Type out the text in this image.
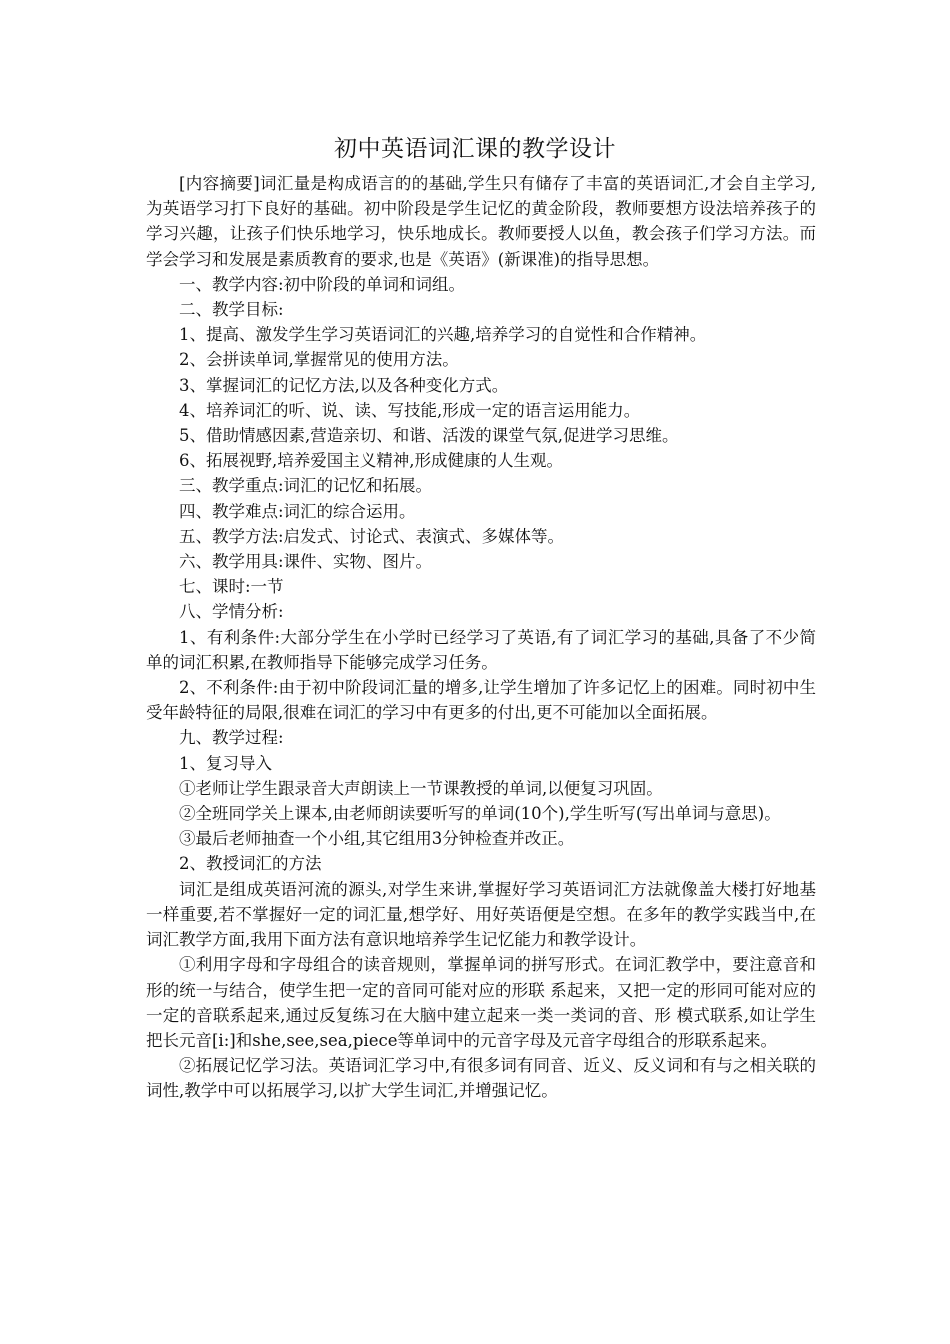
初中英语词汇课的教学设计

[内容摘要]词汇量是构成语言的的基础,学生只有储存了丰富的英语词汇,才会自主学习,为英语学习打下良好的基础。初中阶段是学生记忆的黄金阶段，教师要想方设法培养孩子的学习兴趣，让孩子们快乐地学习，快乐地成长。教师要授人以鱼，教会孩子们学习方法。而学会学习和发展是素质教育的要求,也是《英语》(新课准)的指导思想。

一、教学内容:初中阶段的单词和词组。

二、教学目标:

1、提高、激发学生学习英语词汇的兴趣,培养学习的自觉性和合作精神。

2、会拼读单词,掌握常见的使用方法。

3、掌握词汇的记忆方法,以及各种变化方式。

4、培养词汇的听、说、读、写技能,形成一定的语言运用能力。

5、借助情感因素,营造亲切、和谐、活泼的课堂气氛,促进学习思维。

6、拓展视野,培养爱国主义精神,形成健康的人生观。

三、教学重点:词汇的记忆和拓展。

四、教学难点:词汇的综合运用。

五、教学方法:启发式、讨论式、表演式、多媒体等。

六、教学用具:课件、实物、图片。

七、课时:一节

八、学情分析:

1、有利条件:大部分学生在小学时已经学习了英语,有了词汇学习的基础,具备了不少简单的词汇积累,在教师指导下能够完成学习任务。

2、不利条件:由于初中阶段词汇量的增多,让学生增加了许多记忆上的困难。同时初中生受年龄特征的局限,很难在词汇的学习中有更多的付出,更不可能加以全面拓展。

九、教学过程:

1、复习导入

①老师让学生跟录音大声朗读上一节课教授的单词,以便复习巩固。

②全班同学关上课本,由老师朗读要听写的单词(10个),学生听写(写出单词与意思)。

③最后老师抽查一个小组,其它组用3分钟检查并改正。

2、教授词汇的方法

词汇是组成英语河流的源头,对学生来讲,掌握好学习英语词汇方法就像盖大楼打好地基一样重要,若不掌握好一定的词汇量,想学好、用好英语便是空想。在多年的教学实践当中,在词汇教学方面,我用下面方法有意识地培养学生记忆能力和教学设计。

①利用字母和字母组合的读音规则，掌握单词的拼写形式。在词汇教学中，要注意音和形的统一与结合，使学生把一定的音同可能对应的形联 系起来，又把一定的形同可能对应的一定的音联系起来,通过反复练习在大脑中建立起来一类一类词的音、形 模式联系,如让学生把长元音[i:]和she,see,sea,piece等单词中的元音字母及元音字母组合的形联系起来。

②拓展记忆学习法。英语词汇学习中,有很多词有同音、近义、反义词和有与之相关联的词性,教学中可以拓展学习,以扩大学生词汇,并增强记忆。
